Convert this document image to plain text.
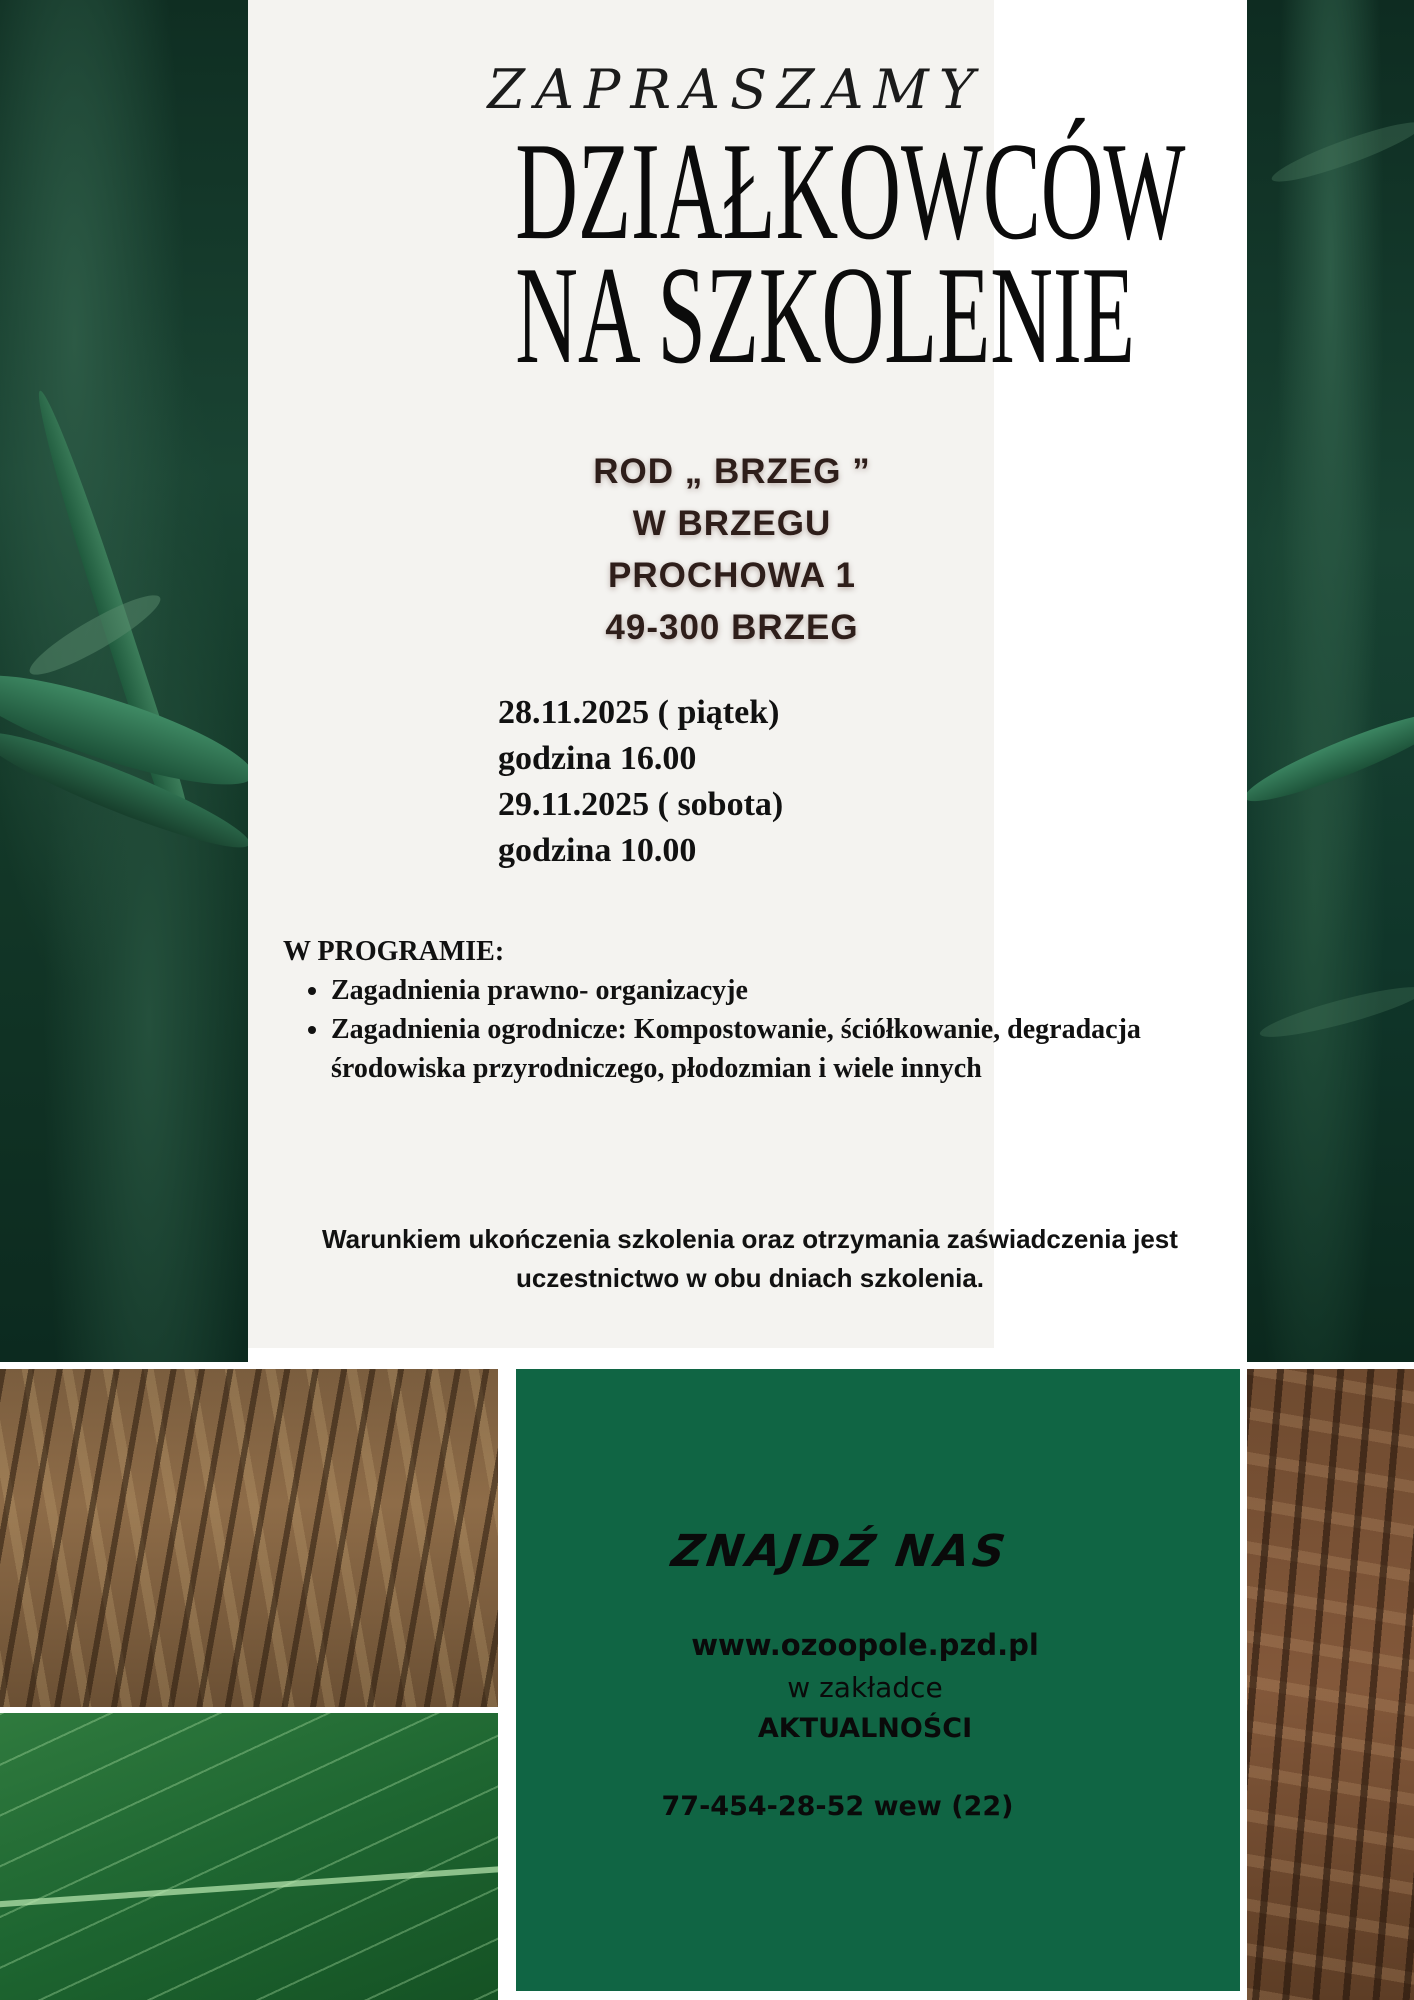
ZAPRASZAMY
DZIAŁKOWCÓW
NA SZKOLENIE
ROD „ BRZEG ”
W BRZEGU
PROCHOWA 1
49-300 BRZEG
28.11.2025 ( piątek)
godzina 16.00
29.11.2025 ( sobota)
godzina 10.00
W PROGRAMIE:
• Zagadnienia prawno- organizacyje
• Zagadnienia ogrodnicze: Kompostowanie, ściółkowanie, degradacja środowiska przyrodniczego, płodozmian i wiele innych
Warunkiem ukończenia szkolenia oraz otrzymania zaświadczenia jest
uczestnictwo w obu dniach szkolenia.
ZNAJDŹ NAS
www.ozoopole.pzd.pl
w zakładce
AKTUALNOŚCI
77-454-28-52 wew (22)
